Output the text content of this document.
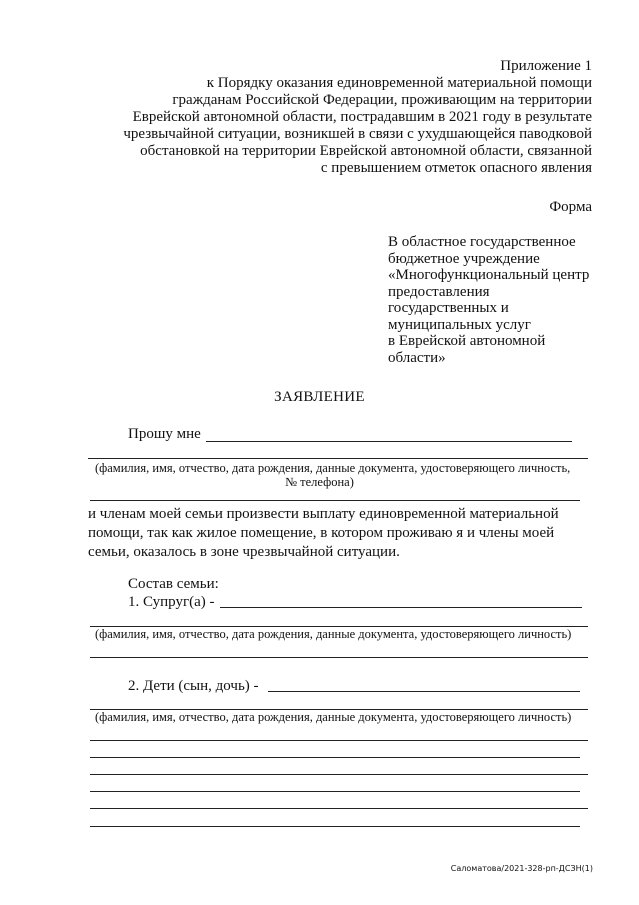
Приложение 1
к Порядку оказания единовременной материальной помощи
гражданам Российской Федерации, проживающим на территории
Еврейской автономной области, пострадавшим в 2021 году в результате
чрезвычайной ситуации, возникшей в связи с ухудшающейся паводковой
обстановкой на территории Еврейской автономной области, связанной
с превышением отметок опасного явления
Форма
В областное государственное
бюджетное учреждение
«Многофункциональный центр
предоставления
государственных и
муниципальных услуг
в Еврейской автономной
области»
ЗАЯВЛЕНИЕ
Прошу мне
(фамилия, имя, отчество, дата рождения, данные документа, удостоверяющего личность,
№ телефона)
и членам моей семьи произвести выплату единовременной материальной
помощи, так как жилое помещение, в котором проживаю я и члены моей
семьи, оказалось в зоне чрезвычайной ситуации.
Состав семьи:
1. Супруг(а) -
(фамилия, имя, отчество, дата рождения, данные документа, удостоверяющего личность)
2. Дети (сын, дочь) -
(фамилия, имя, отчество, дата рождения, данные документа, удостоверяющего личность)
Саломатова/2021-328-рп-ДСЗН(1)
